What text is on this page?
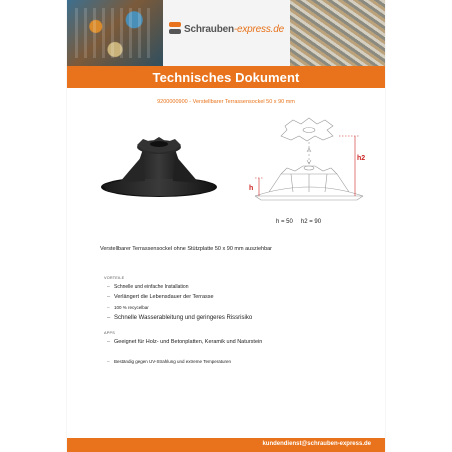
Schrauben-express.de
Technisches Dokument
9200000900 - Verstellbarer Terrassensockel 50 x 90 mm
h2
h
h = 50 h2 = 90
Verstellbarer Terrassensockel ohne Stützplatte 50 x 90 mm ausziehbar
VORTEILE
– Schnelle und einfache Installation
– Verlängert die Lebensdauer der Terrasse
– 100 % recycelbar
– Schnelle Wasserableitung und geringeres Rissrisiko
APPS
– Geeignet für Holz- und Betonplatten, Keramik und Naturstein
– Beständig gegen UV-Strahlung und extreme Temperaturen
kundendienst@schrauben-express.de
